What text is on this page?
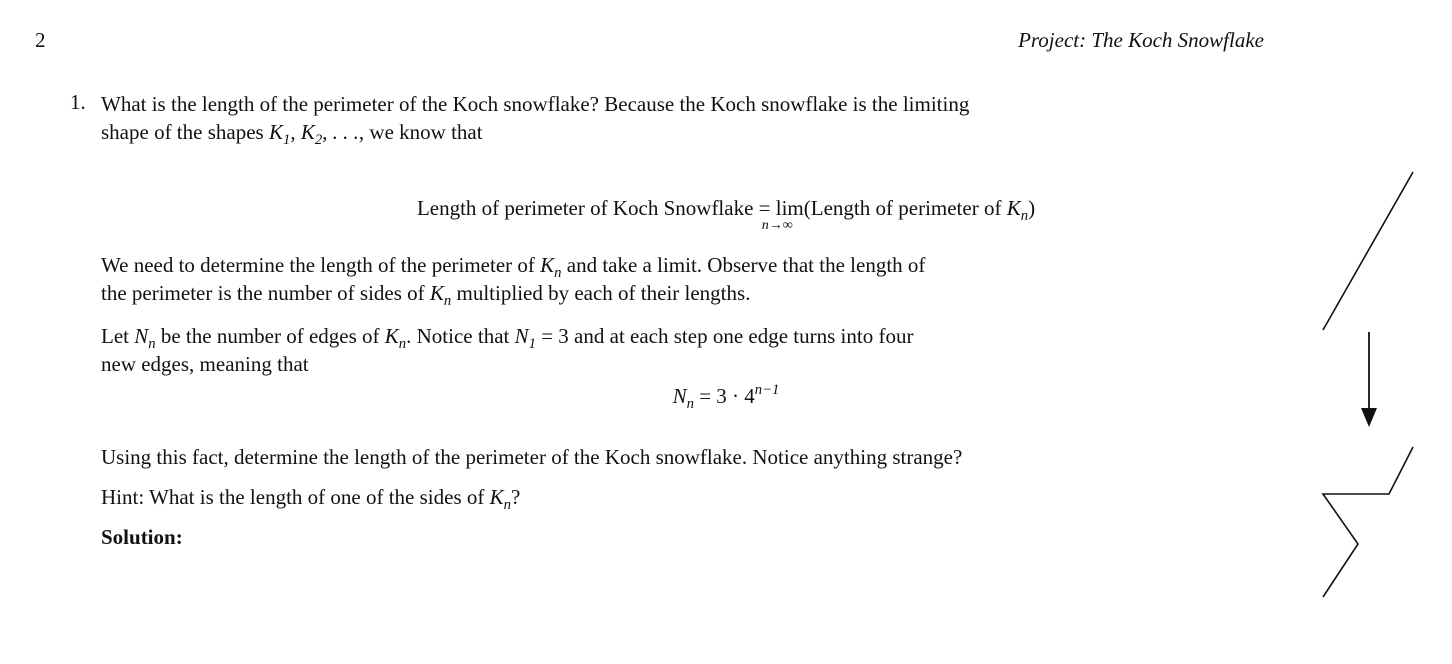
2	Project: The Koch Snowflake
1. What is the length of the perimeter of the Koch snowflake? Because the Koch snowflake is the limiting
shape of the shapes $K_1$, $K_2$, . . ., we know that
Length of perimeter of Koch Snowflake = lim
n→∞
(Length of perimeter of $K_n$)
We need to determine the length of the perimeter of $K_n$ and take a limit. Observe that the length of
the perimeter is the number of sides of $K_n$ multiplied by each of their lengths.
Let $N_n$ be the number of edges of $K_n$. Notice that $N_1 = 3$ and at each step one edge turns into four
new edges, meaning that
$N_n = 3 \cdot 4^{n-1}$
Using this fact, determine the length of the perimeter of the Koch snowflake. Notice anything strange?
Hint: What is the length of one of the sides of $K_n$?
Solution:
